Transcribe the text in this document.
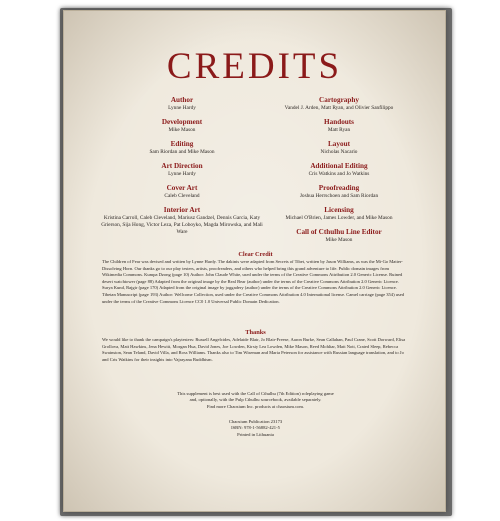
CREDITS
Author
Lynne Hardy
Development
Mike Mason
Editing
Sam Riordan and Mike Mason
Art Direction
Lynne Hardy
Cover Art
Caleb Cleveland
Interior Art
Kristina Carroll, Caleb Cleveland, Mariusz Gandzel, Dennis Garcia, Katy Grierson, Sija Hong, Victor Leza, Pat Loboyko, Magda Mirowska, and Mali Ware
Cartography
Vandel J. Arden, Matt Ryan, and Olivier Sanfilippo
Handouts
Matt Ryan
Layout
Nicholas Nacario
Additional Editing
Cris Watkins and Jo Watkins
Proofreading
Joshua Herrschoen and Sam Riordan
Licensing
Michael O'Brien, James Lowder, and Mike Mason
Call of Cthulhu Line Editor
Mike Mason
Clear Credit
The Children of Fear was devised and written by Lynne Hardy. The dakinis were adapted from Secrets of Tibet, written by Jason Williams, as was the Mi-Go Matter-Dissolving Horn. Our thanks go to our play testers, artists, proofreaders, and others who helped bring this grand adventure to life. Public domain images from Wikimedia Commons. Kumpa Dzong (page 10) Author: John Claude White, used under the terms of the Creative Commons Attribution 2.0 Generic License. Ruined desert watchtower (page 88) Adapted from the original image by the Real Bear (author) under the terms of the Creative Commons Attribution 2.0 Generic Licence. Surya Kund, Rajgir (page 170) Adapted from the original image by joggadery (author) under the terms of the Creative Commons Attribution 2.0 Generic Licence. Tibetan Manuscript (page 193) Author: Wellcome Collection, used under the Creative Commons Attribution 4.0 International license. Camel carriage (page 354) used under the terms of the Creative Commons Licence CC0 1.0 Universal Public Domain Dedication.
Thanks
We would like to thank the campaign's playtesters: Russell Angelcides, Adelaide Blair, Jo Blair-Freese, Aaron Burke, Sean Callahan, Paul Crane, Scott Dorward, Elisa Grollova, Matt Hawkins, Jena Hewitt, Morgan Hua, David Jones, Joe Lowden, Kirsty Lea Lowden, Mike Mason, Reed Mohltar, Matt Nott, Crated Sleep, Rebecca Swainston, Sean Teland, David Villa, and Ross Williams. Thanks also to Tim Wiseman and Maria Peterson for assistance with Russian language translation, and to Jo and Cris Watkins for their insights into Vajrayana Buddhism.
This supplement is best used with the Call of Cthulhu (7th Edition) roleplaying game
and, optionally, with the Pulp Cthulhu sourcebook, available separately.
Find more Chaosium Inc. products at chaosium.com.
Chaosium Publication 23173
ISBN: 978-1-56882-421-5
Printed in Lithuania
